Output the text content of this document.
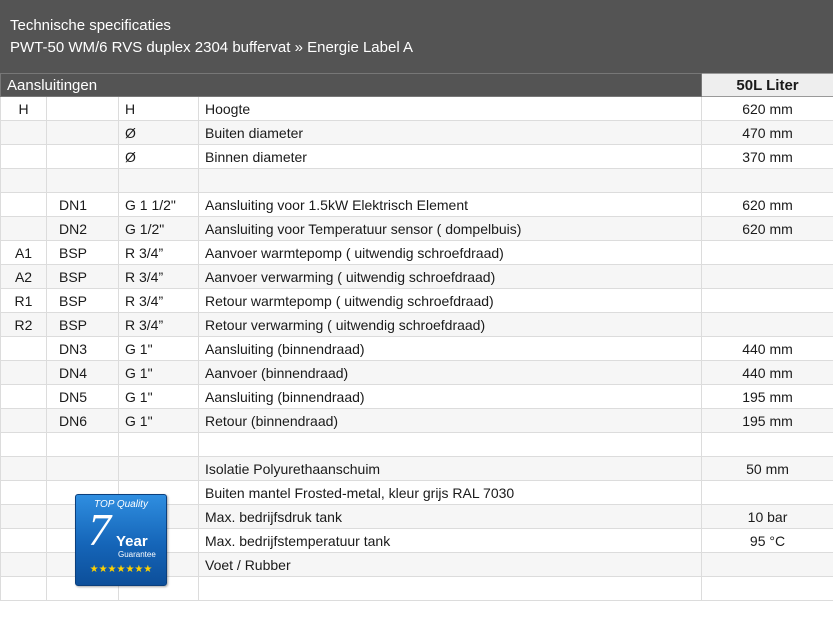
Technische specificaties
PWT-50 WM/6 RVS duplex 2304 buffervat » Energie Label A
Aansluitingen				50L Liter
H		H	Hoogte	620 mm
		Ø	Buiten diameter	470 mm
		Ø	Binnen diameter	370 mm

	DN1	G 1 1/2"	Aansluiting voor 1.5kW Elektrisch Element	620 mm
	DN2	G 1/2"	Aansluiting voor Temperatuur sensor ( dompelbuis)	620 mm
A1	BSP	R 3/4”	Aanvoer warmtepomp ( uitwendig schroefdraad)	
A2	BSP	R 3/4”	Aanvoer verwarming ( uitwendig schroefdraad)	
R1	BSP	R 3/4”	Retour warmtepomp ( uitwendig schroefdraad)	
R2	BSP	R 3/4”	Retour verwarming ( uitwendig schroefdraad)	
	DN3	G 1"	Aansluiting (binnendraad)	440 mm
	DN4	G 1"	Aanvoer (binnendraad)	440 mm
	DN5	G 1"	Aansluiting (binnendraad)	195 mm
	DN6	G 1"	Retour (binnendraad)	195 mm

			Isolatie Polyurethaanschuim	50 mm
			Buiten mantel Frosted-metal, kleur grijs RAL 7030	
			Max. bedrijfsdruk tank	10 bar
			Max. bedrijfstemperatuur tank	95 °C
			Voet / Rubber	

TOP Quality
7 Year
Guarantee
★★★★★★★
